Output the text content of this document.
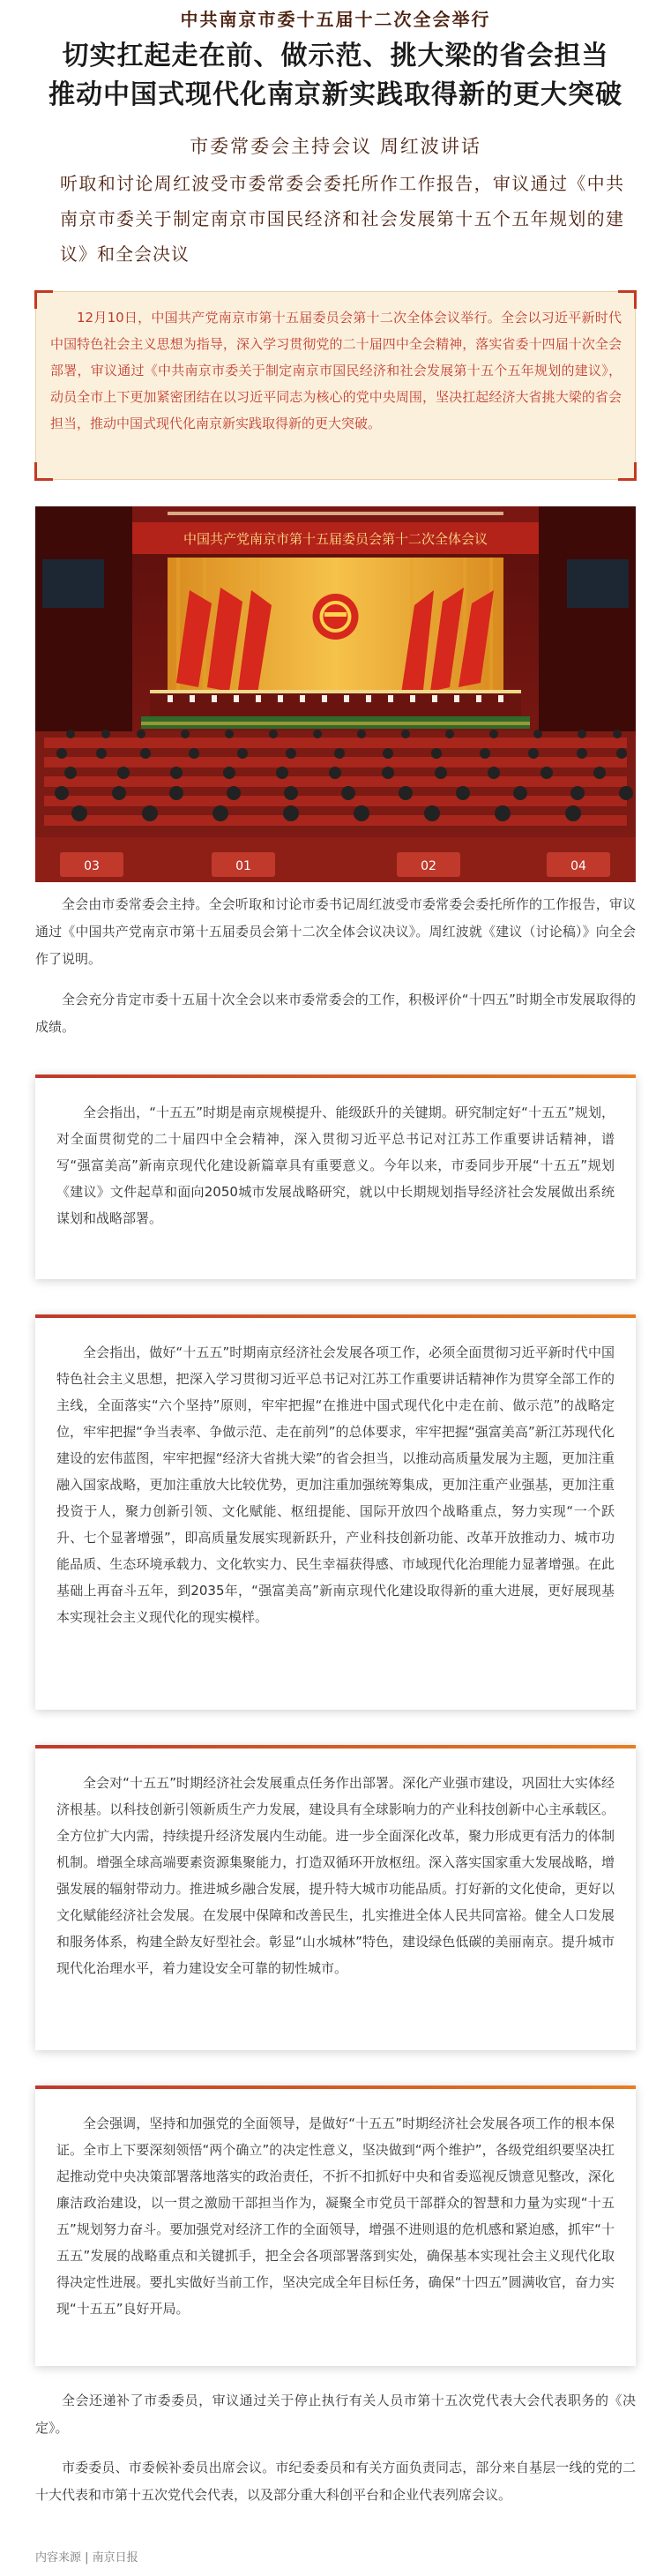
中共南京市委十五届十二次全会举行
切实扛起走在前、做示范、挑大梁的省会担当
推动中国式现代化南京新实践取得新的更大突破
市委常委会主持会议 周红波讲话
听取和讨论周红波受市委常委会委托所作工作报告，审议通过《中共南京市委关于制定南京市国民经济和社会发展第十五个五年规划的建议》和全会决议
12月10日，中国共产党南京市第十五届委员会第十二次全体会议举行。全会以习近平新时代中国特色社会主义思想为指导，深入学习贯彻党的二十届四中全会精神，落实省委十四届十次全会部署，审议通过《中共南京市委关于制定南京市国民经济和社会发展第十五个五年规划的建议》，动员全市上下更加紧密团结在以习近平同志为核心的党中央周围，坚决扛起经济大省挑大梁的省会担当，推动中国式现代化南京新实践取得新的更大突破。
中国共产党南京市第十五届委员会第十二次全体会议
03	01	02	04
全会由市委常委会主持。全会听取和讨论市委书记周红波受市委常委会委托所作的工作报告，审议通过《中国共产党南京市第十五届委员会第十二次全体会议决议》。周红波就《建议（讨论稿）》向全会作了说明。
全会充分肯定市委十五届十次全会以来市委常委会的工作，积极评价“十四五”时期全市发展取得的成绩。
全会指出，“十五五”时期是南京规模提升、能级跃升的关键期。研究制定好“十五五”规划，对全面贯彻党的二十届四中全会精神，深入贯彻习近平总书记对江苏工作重要讲话精神，谱写“强富美高”新南京现代化建设新篇章具有重要意义。今年以来，市委同步开展“十五五”规划《建议》文件起草和面向2050城市发展战略研究，就以中长期规划指导经济社会发展做出系统谋划和战略部署。
全会指出，做好“十五五”时期南京经济社会发展各项工作，必须全面贯彻习近平新时代中国特色社会主义思想，把深入学习贯彻习近平总书记对江苏工作重要讲话精神作为贯穿全部工作的主线，全面落实“六个坚持”原则，牢牢把握“在推进中国式现代化中走在前、做示范”的战略定位，牢牢把握“争当表率、争做示范、走在前列”的总体要求，牢牢把握“强富美高”新江苏现代化建设的宏伟蓝图，牢牢把握“经济大省挑大梁”的省会担当，以推动高质量发展为主题，更加注重融入国家战略，更加注重放大比较优势，更加注重加强统筹集成，更加注重产业强基，更加注重投资于人，聚力创新引领、文化赋能、枢纽提能、国际开放四个战略重点，努力实现“一个跃升、七个显著增强”，即高质量发展实现新跃升，产业科技创新功能、改革开放推动力、城市功能品质、生态环境承载力、文化软实力、民生幸福获得感、市域现代化治理能力显著增强。在此基础上再奋斗五年，到2035年，“强富美高”新南京现代化建设取得新的重大进展，更好展现基本实现社会主义现代化的现实模样。
全会对“十五五”时期经济社会发展重点任务作出部署。深化产业强市建设，巩固壮大实体经济根基。以科技创新引领新质生产力发展，建设具有全球影响力的产业科技创新中心主承载区。全方位扩大内需，持续提升经济发展内生动能。进一步全面深化改革，聚力形成更有活力的体制机制。增强全球高端要素资源集聚能力，打造双循环开放枢纽。深入落实国家重大发展战略，增强发展的辐射带动力。推进城乡融合发展，提升特大城市功能品质。打好新的文化使命，更好以文化赋能经济社会发展。在发展中保障和改善民生，扎实推进全体人民共同富裕。健全人口发展和服务体系，构建全龄友好型社会。彰显“山水城林”特色，建设绿色低碳的美丽南京。提升城市现代化治理水平，着力建设安全可靠的韧性城市。
全会强调，坚持和加强党的全面领导，是做好“十五五”时期经济社会发展各项工作的根本保证。全市上下要深刻领悟“两个确立”的决定性意义，坚决做到“两个维护”，各级党组织要坚决扛起推动党中央决策部署落地落实的政治责任，不折不扣抓好中央和省委巡视反馈意见整改，深化廉洁政治建设，以一贯之激励干部担当作为，凝聚全市党员干部群众的智慧和力量为实现“十五五”规划努力奋斗。要加强党对经济工作的全面领导，增强不进则退的危机感和紧迫感，抓牢“十五五”发展的战略重点和关键抓手，把全会各项部署落到实处，确保基本实现社会主义现代化取得决定性进展。要扎实做好当前工作，坚决完成全年目标任务，确保“十四五”圆满收官，奋力实现“十五五”良好开局。
全会还递补了市委委员，审议通过关于停止执行有关人员市第十五次党代表大会代表职务的《决定》。
市委委员、市委候补委员出席会议。市纪委委员和有关方面负责同志，部分来自基层一线的党的二十大代表和市第十五次党代会代表，以及部分重大科创平台和企业代表列席会议。
内容来源 | 南京日报
